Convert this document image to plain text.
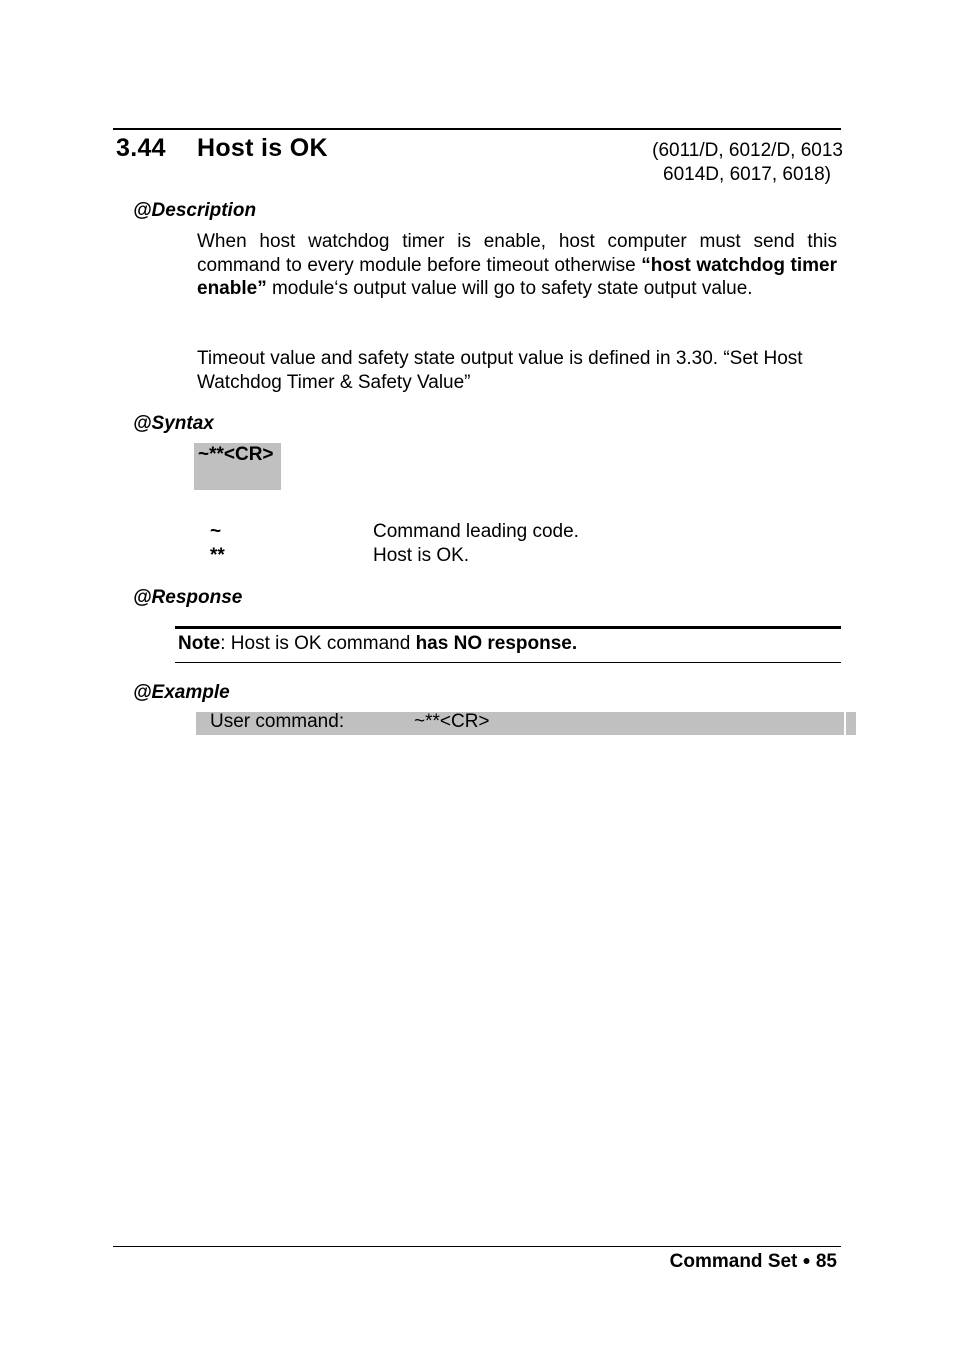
3.44 Host is OK	(6011/D, 6012/D, 6013
6014D, 6017, 6018)
@Description
When host watchdog timer is enable, host computer must send this command to every module before timeout otherwise “host watchdog timer enable” module‘s output value will go to safety state output value.
Timeout value and safety state output value is defined in 3.30. “Set Host Watchdog Timer & Safety Value”
@Syntax
~**<CR>
~	Command leading code.
**	Host is OK.
@Response
Note: Host is OK command has NO response.
@Example
User command:	~**<CR>
Command Set ● 85
